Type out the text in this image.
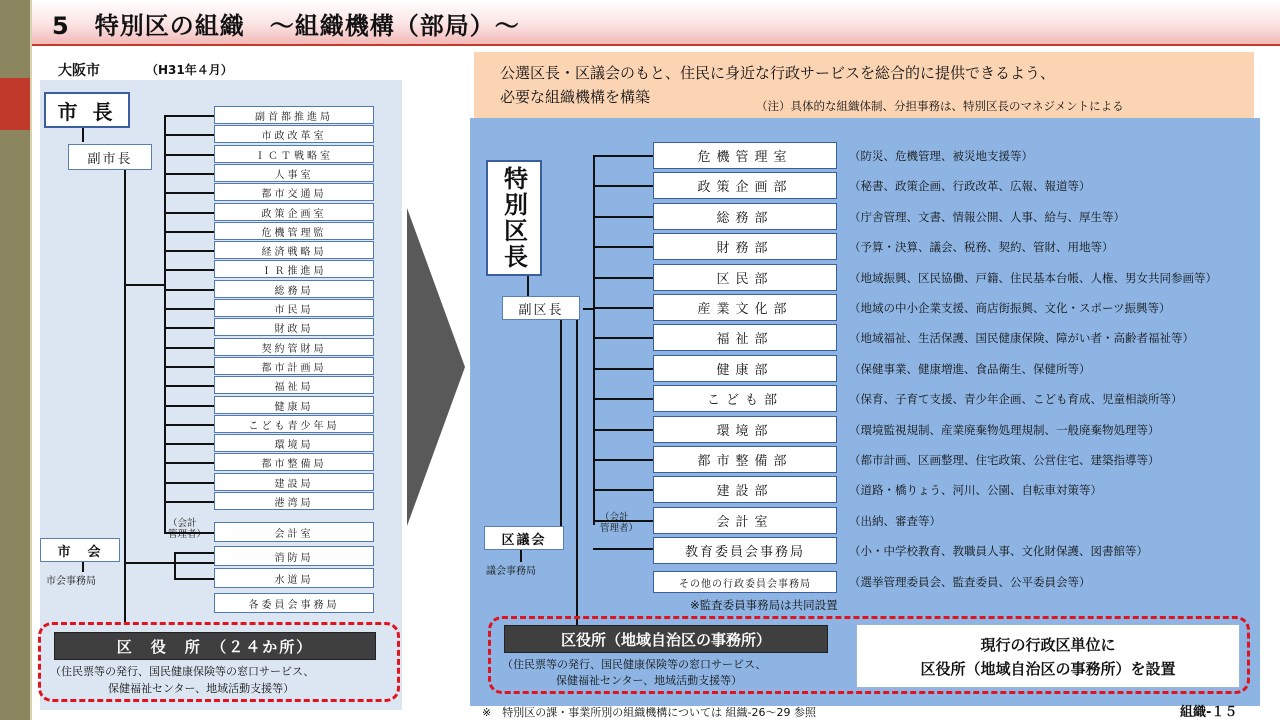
5　特別区の組織　～組織機構（部局）～
大阪市	（H31年４月）
市 長
副市長
副首都推進局
市政改革室
ＩＣＴ戦略室
人事室
都市交通局
政策企画室
危機管理監
経済戦略局
ＩＲ推進局
総務局
市民局
財政局
契約管財局
都市計画局
福祉局
健康局
こども青少年局
環境局
都市整備局
建設局
港湾局
（会計
管理者）	会計室
市　会
市会事務局
消防局
水道局
各委員会事務局
区　役　所　（２４か所）
（住民票等の発行、国民健康保険等の窓口サービス、
保健福祉センター、地域活動支援等）
公選区長・区議会のもと、住民に身近な行政サービスを総合的に提供できるよう、
必要な組織機構を構築	（注）具体的な組織体制、分担事務は、特別区長のマネジメントによる
特別区長
副区長
危機管理室	（防災、危機管理、被災地支援等）
政策企画部	（秘書、政策企画、行政改革、広報、報道等）
総務部	（庁舎管理、文書、情報公開、人事、給与、厚生等）
財務部	（予算・決算、議会、税務、契約、管財、用地等）
区民部	（地域振興、区民協働、戸籍、住民基本台帳、人権、男女共同参画等）
産業文化部	（地域の中小企業支援、商店街振興、文化・スポーツ振興等）
福祉部	（地域福祉、生活保護、国民健康保険、障がい者・高齢者福祉等）
健康部	（保健事業、健康増進、食品衛生、保健所等）
こども部	（保育、子育て支援、青少年企画、こども育成、児童相談所等）
環境部	（環境監視規制、産業廃棄物処理規制、一般廃棄物処理等）
都市整備部	（都市計画、区画整理、住宅政策、公営住宅、建築指導等）
建設部	（道路・橋りょう、河川、公園、自転車対策等）
会計室	（出納、審査等）
教育委員会事務局	（小・中学校教育、教職員人事、文化財保護、図書館等）
その他の行政委員会事務局	（選挙管理委員会、監査委員、公平委員会等）
（会計
管理者）
区議会
議会事務局
※監査委員事務局は共同設置
区役所（地域自治区の事務所）
（住民票等の発行、国民健康保険等の窓口サービス、
保健福祉センター、地域活動支援等）
現行の行政区単位に
区役所（地域自治区の事務所）を設置
※　特別区の課・事業所別の組織機構については 組織-26～29 参照	組織-１５
